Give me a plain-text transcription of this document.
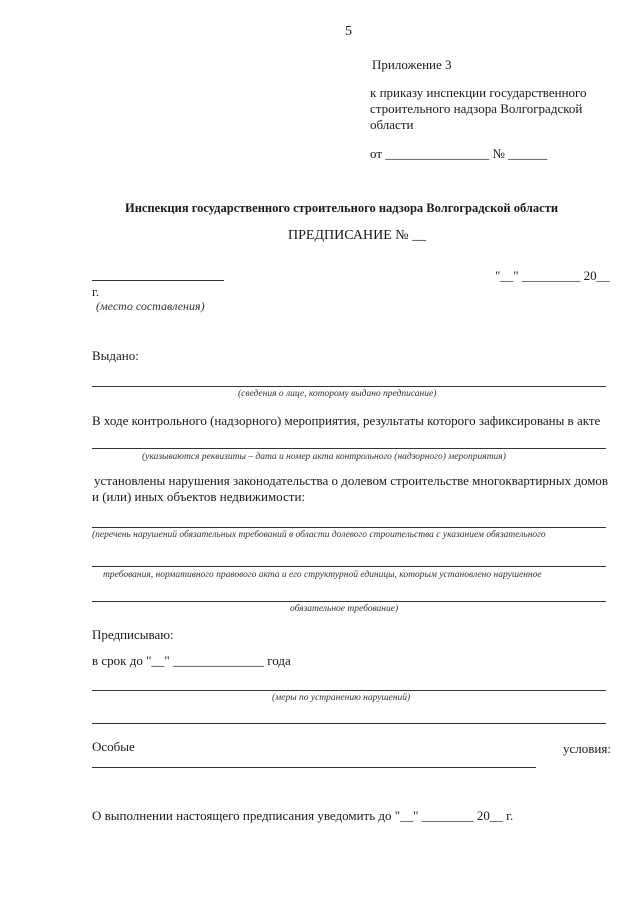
5
Приложение 3
к приказу инспекции государственного
строительного надзора Волгоградской
области
от ________________ № ______
Инспекция государственного строительного надзора Волгоградской области
ПРЕДПИСАНИЕ № __
"__" _________ 20__
г.
(место составления)
Выдано:
(сведения о лице, которому выдано предписание)
В ходе контрольного (надзорного) мероприятия, результаты которого зафиксированы в акте
(указываются реквизиты – дата и номер акта контрольного (надзорного) мероприятия)
установлены нарушения законодательства о долевом строительстве многоквартирных домов
и (или) иных объектов недвижимости:
(перечень нарушений обязательных требований в области долевого строительства с указанием обязательного
требования, нормативного правового акта и его структурной единицы, которым установлено нарушенное
обязательное требование)
Предписываю:
в срок до "__" ______________ года
(меры по устранению нарушений)
Особые	условия:
О выполнении настоящего предписания уведомить до "__" ________ 20__ г.
